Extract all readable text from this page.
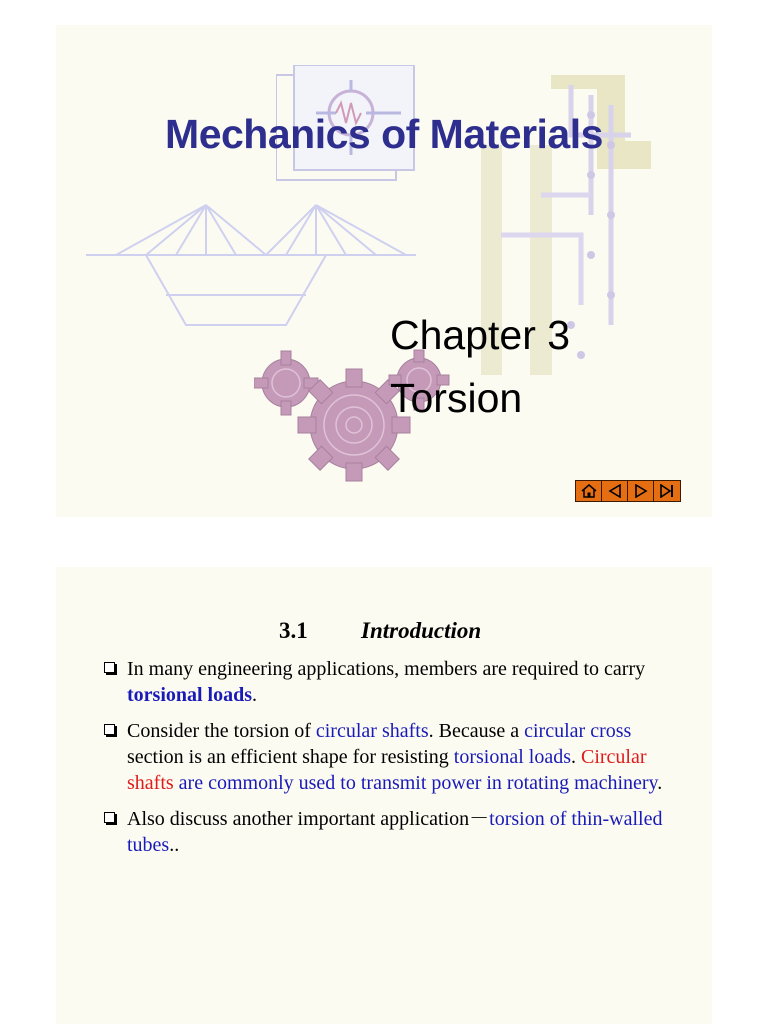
Mechanics of Materials
Chapter 3
Torsion
3.1 Introduction
In many engineering applications, members are required to carry torsional loads.
Consider the torsion of circular shafts. Because a circular cross section is an efficient shape for resisting torsional loads. Circular shafts are commonly used to transmit power in rotating machinery.
Also discuss another important application－torsion of thin-walled tubes..
